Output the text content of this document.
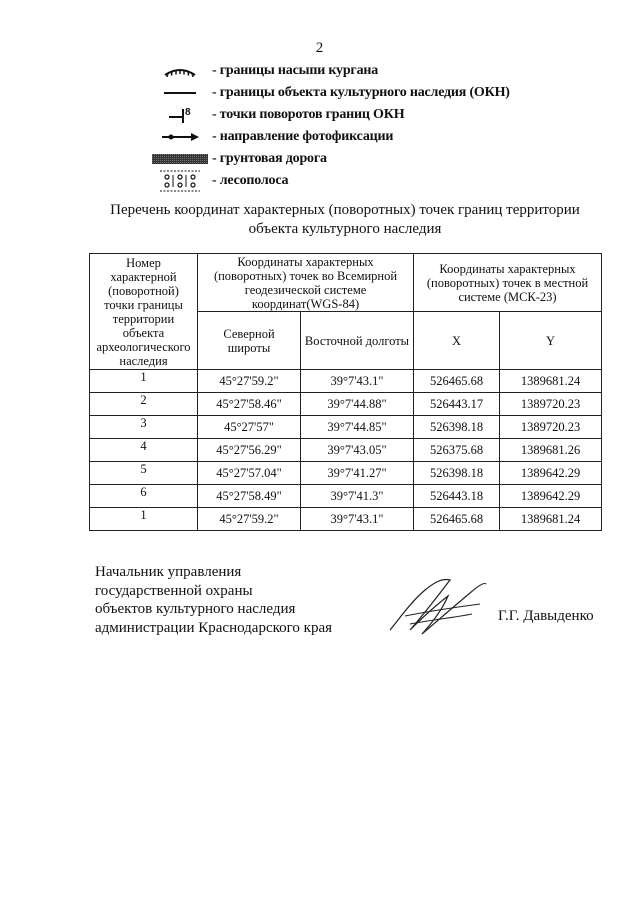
2
- границы насыпи кургана
- границы объекта культурного наследия (ОКН)
8 - точки поворотов границ ОКН
- направление фотофиксации
- грунтовая дорога
- лесополоса
Перечень координат характерных (поворотных) точек границ территории
объекта культурного наследия
Номер характерной (поворотной) точки границы территории объекта археологического наследия	Координаты характерных (поворотных) точек во Всемирной геодезической системе координат(WGS-84)		Координаты характерных (поворотных) точек в местной системе (МСК-23)	
	Северной широты	Восточной долготы	X	Y
1	45°27'59.2"	39°7'43.1"	526465.68	1389681.24
2	45°27'58.46"	39°7'44.88"	526443.17	1389720.23
3	45°27'57"	39°7'44.85"	526398.18	1389720.23
4	45°27'56.29"	39°7'43.05"	526375.68	1389681.26
5	45°27'57.04"	39°7'41.27"	526398.18	1389642.29
6	45°27'58.49"	39°7'41.3"	526443.18	1389642.29
1	45°27'59.2"	39°7'43.1"	526465.68	1389681.24
Начальник управления
государственной охраны
объектов культурного наследия
администрации Краснодарского края
Г.Г. Давыденко
